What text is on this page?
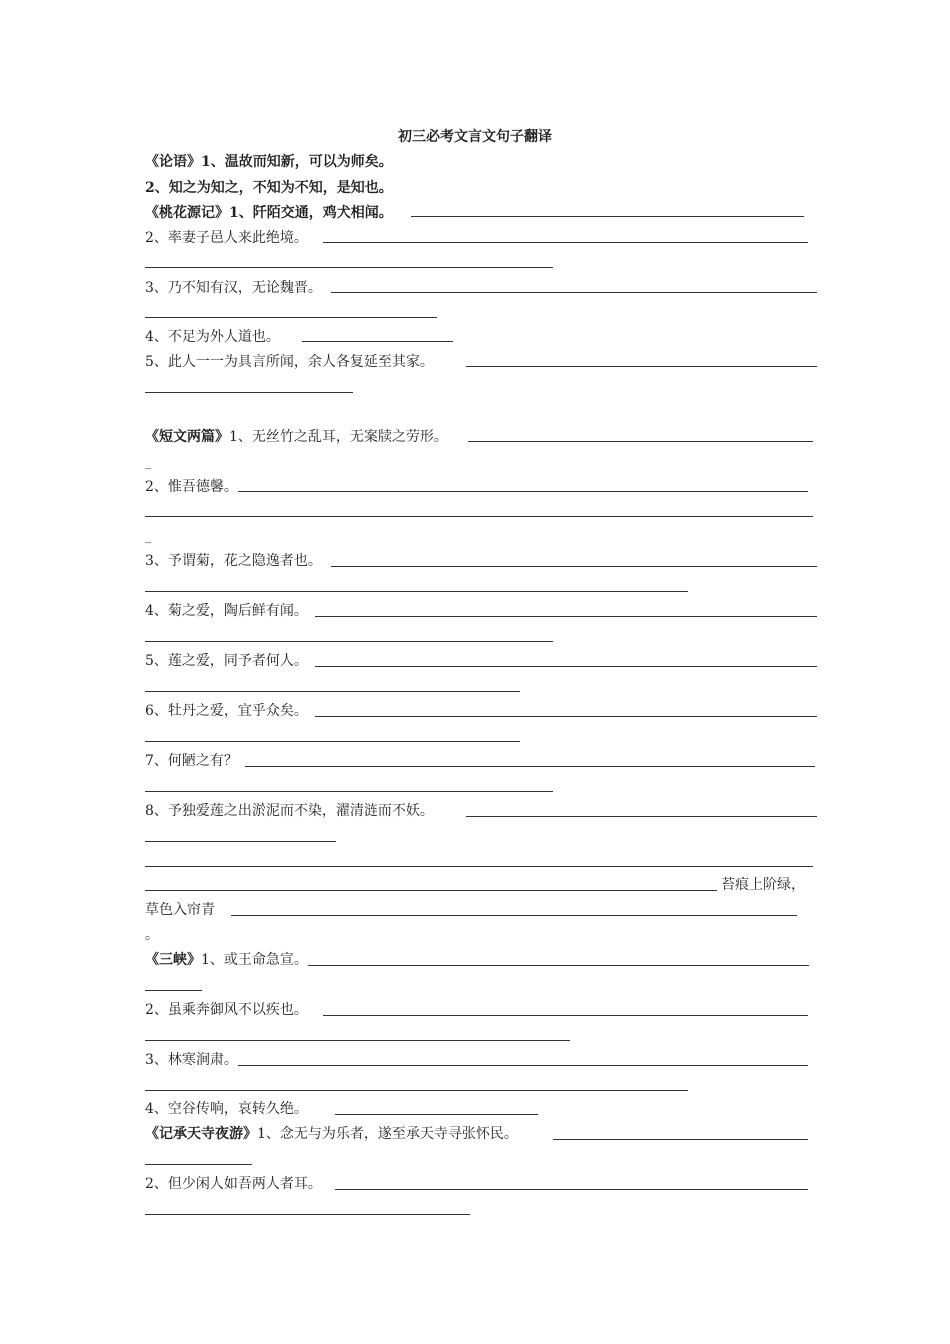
初三必考文言文句子翻译
《论语》1、温故而知新，可以为师矣。
2、知之为知之，不知为不知，是知也。
《桃花源记》1、阡陌交通，鸡犬相闻。
2、率妻子邑人来此绝境。
3、乃不知有汉，无论魏晋。
4、不足为外人道也。
5、此人一一为具言所闻，余人各复延至其家。
《短文两篇》1、无丝竹之乱耳，无案牍之劳形。
_
2、惟吾德馨。
_
3、予谓菊，花之隐逸者也。
4、菊之爱，陶后鲜有闻。
5、莲之爱，同予者何人。
6、牡丹之爱，宜乎众矣。
7、何陋之有？
8、予独爱莲之出淤泥而不染，濯清涟而不妖。
苔痕上阶绿，
草色入帘青
。
《三峡》1、或王命急宣。
2、虽乘奔御风不以疾也。
3、林寒涧肃。
4、空谷传响，哀转久绝。
《记承天寺夜游》1、念无与为乐者，遂至承天寺寻张怀民。
2、但少闲人如吾两人者耳。
